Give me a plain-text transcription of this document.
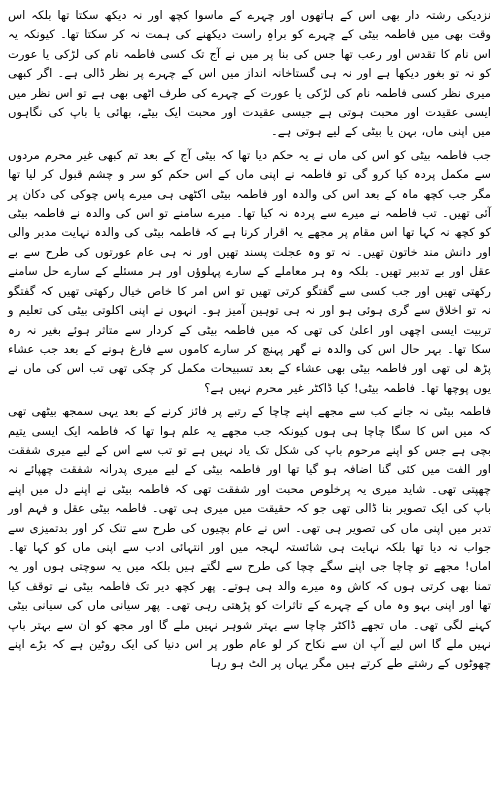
نزدیکی رشتہ دار بھی اس کے ہاتھوں اور چہرے کے ماسوا کچھ اور نہ دیکھ سکتا تھا بلکہ اس وقت بھی میں فاطمہ بیٹی کے چہرے کو براہِ راست دیکھنے کی ہمت نہ کر سکتا تھا۔ کیونکہ یہ اس نام کا تقدس اور رعب تھا جس کی بنا پر میں نے آج تک کسی فاطمہ نام کی لڑکی یا عورت کو نہ تو بغور دیکھا ہے اور نہ ہی گستاخانہ انداز میں اس کے چہرے پر نظر ڈالی ہے۔ اگر کبھی میری نظر کسی فاطمہ نام کی لڑکی یا عورت کے چہرے کی طرف اٹھی بھی ہے تو اس نظر میں ایسی عقیدت اور محبت ہوتی ہے جیسی عقیدت اور محبت ایک بیٹے، بھائی یا باپ کی نگاہوں میں اپنی ماں، بہن یا بیٹی کے لیے ہوتی ہے۔

جب فاطمہ بیٹی کو اس کی ماں نے یہ حکم دیا تھا کہ بیٹی آج کے بعد تم کبھی غیر محرم مردوں سے مکمل پردہ کیا کرو گی تو فاطمہ نے اپنی ماں کے اس حکم کو سر و چشم قبول کر لیا تھا مگر جب کچھ ماہ کے بعد اس کی والدہ اور فاطمہ بیٹی اکٹھی ہی میرے پاس چوکی کی دکان پر آئی تھیں۔ تب فاطمہ نے میرے سے پردہ نہ کیا تھا۔ میرے سامنے تو اس کی والدہ نے فاطمہ بیٹی کو کچھ نہ کہا تھا اس مقام پر مجھے یہ اقرار کرنا ہے کہ فاطمہ بیٹی کی والدہ نہایت مدبر والی اور دانش مند خاتون تھیں۔ نہ تو وہ عجلت پسند تھیں اور نہ ہی عام عورتوں کی طرح سے بے عقل اور بے تدبیر تھیں۔ بلکہ وہ ہر معاملے کے سارے پہلوؤں اور ہر مسئلے کے سارے حل سامنے رکھتی تھیں اور جب کسی سے گفتگو کرتی تھیں تو اس امر کا خاص خیال رکھتی تھیں کہ گفتگو نہ تو اخلاق سے گری ہوئی ہو اور نہ ہی توہین آمیز ہو۔ انہوں نے اپنی اکلوتی بیٹی کی تعلیم و تربیت ایسی اچھی اور اعلیٰ کی تھی کہ میں فاطمہ بیٹی کے کردار سے متاثر ہوئے بغیر نہ رہ سکا تھا۔ بہر حال اس کی والدہ نے گھر پہنچ کر سارے کاموں سے فارغ ہونے کے بعد جب عشاء پڑھ لی تھی اور فاطمہ بیٹی بھی عشاء کے بعد تسبیحات مکمل کر چکی تھی تب اس کی ماں نے یوں پوچھا تھا۔ فاطمہ بیٹی! کیا ڈاکٹر غیر محرم نہیں ہے؟

فاطمہ بیٹی نہ جانے کب سے مجھے اپنے چاچا کے رتبے پر فائز کرنے کے بعد یہی سمجھ بیٹھی تھی کہ میں اس کا سگا چاچا ہی ہوں کیونکہ جب مجھے یہ علم ہوا تھا کہ فاطمہ ایک ایسی یتیم بچی ہے جس کو اپنے مرحوم باپ کی شکل تک یاد نہیں ہے تو تب سے اس کے لیے میری شفقت اور الفت میں کئی گنا اضافہ ہو گیا تھا اور فاطمہ بیٹی کے لیے میری پدرانہ شفقت چھپائے نہ چھپتی تھی۔ شاید میری یہ پرخلوص محبت اور شفقت تھی کہ فاطمہ بیٹی نے اپنے دل میں اپنے باپ کی ایک تصویر بنا ڈالی تھی جو کہ حقیقت میں میری ہی تھی۔ فاطمہ بیٹی عقل و فہم اور تدبر میں اپنی ماں کی تصویر ہی تھی۔ اس نے عام بچیوں کی طرح سے تنک کر اور بدتمیزی سے جواب نہ دیا تھا بلکہ نہایت ہی شائستہ لہجہ میں اور انتہائی ادب سے اپنی ماں کو کہا تھا۔ اماں! مجھے تو چاچا جی اپنے سگے چچا کی طرح سے لگتے ہیں بلکہ میں یہ سوچتی ہوں اور یہ تمنا بھی کرتی ہوں کہ کاش وہ میرے والد ہی ہوتے۔ پھر کچھ دیر تک فاطمہ بیٹی نے توقف کیا تھا اور اپنی بہو وہ ماں کے چہرے کے تاثرات کو پڑھتی رہی تھی۔ پھر سیانی ماں کی سیانی بیٹی کہنے لگی تھی۔ ماں تجھے ڈاکٹر چاچا سے بہتر شوہر نہیں ملے گا اور مجھ کو ان سے بہتر باپ نہیں ملے گا اس لیے آپ ان سے نکاح کر لو عام طور پر اس دنیا کی ایک روٹین ہے کہ بڑے اپنے چھوٹوں کے رشتے طے کرتے ہیں مگر یہاں پر الٹ ہو رہا
